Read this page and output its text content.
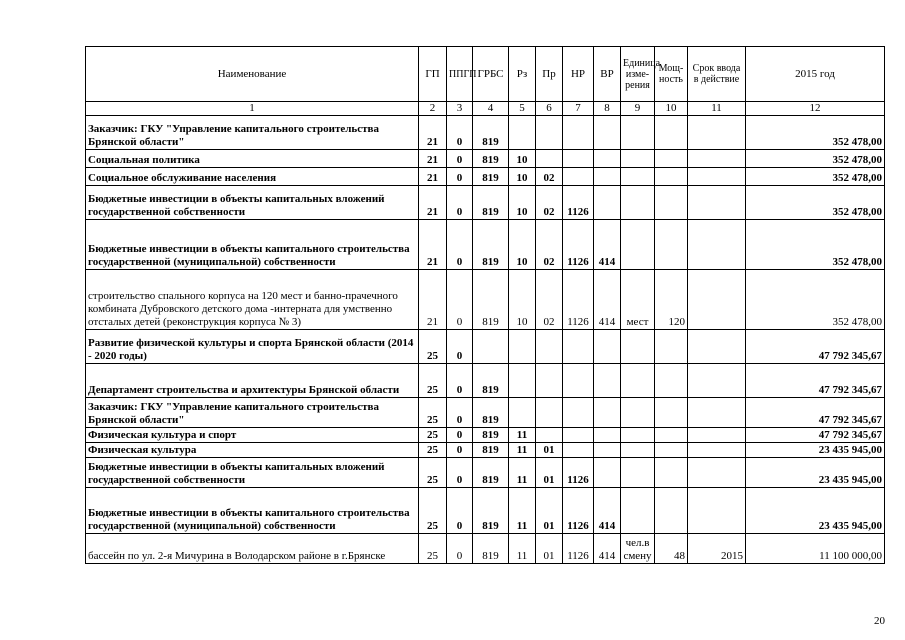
Наименование	ГП	ППГП	ГРБС	Рз	Пр	НР	ВР	Единица изме-рения	Мощ-ность	Срок ввода в действие	2015 год
1	2	3	4	5	6	7	8	9	10	11	12
Заказчик: ГКУ "Управление капитального строительства Брянской области"	21	0	819								352 478,00
Социальная политика	21	0	819	10							352 478,00
Социальное обслуживание населения	21	0	819	10	02						352 478,00
Бюджетные инвестиции в объекты капитальных вложений государственной собственности	21	0	819	10	02	1126					352 478,00
Бюджетные инвестиции в объекты капитального строительства государственной (муниципальной) собственности	21	0	819	10	02	1126	414				352 478,00
строительство спального корпуса на 120 мест и банно-прачечного комбината Дубровского детского дома -интерната для умственно отсталых детей (реконструкция корпуса № 3)	21	0	819	10	02	1126	414	мест	120		352 478,00
Развитие физической культуры и спорта Брянской области (2014 - 2020 годы)	25	0									47 792 345,67
Департамент строительства и архитектуры Брянской области	25	0	819								47 792 345,67
Заказчик: ГКУ "Управление капитального строительства Брянской области"	25	0	819								47 792 345,67
Физическая культура и спорт	25	0	819	11							47 792 345,67
Физическая культура	25	0	819	11	01						23 435 945,00
Бюджетные инвестиции в объекты капитальных вложений государственной собственности	25	0	819	11	01	1126					23 435 945,00
Бюджетные инвестиции в объекты капитального строительства государственной (муниципальной) собственности	25	0	819	11	01	1126	414				23 435 945,00
бассейн по ул. 2-я Мичурина в Володарском районе в г.Брянске	25	0	819	11	01	1126	414	чел.в смену	48	2015	11 100 000,00
20
